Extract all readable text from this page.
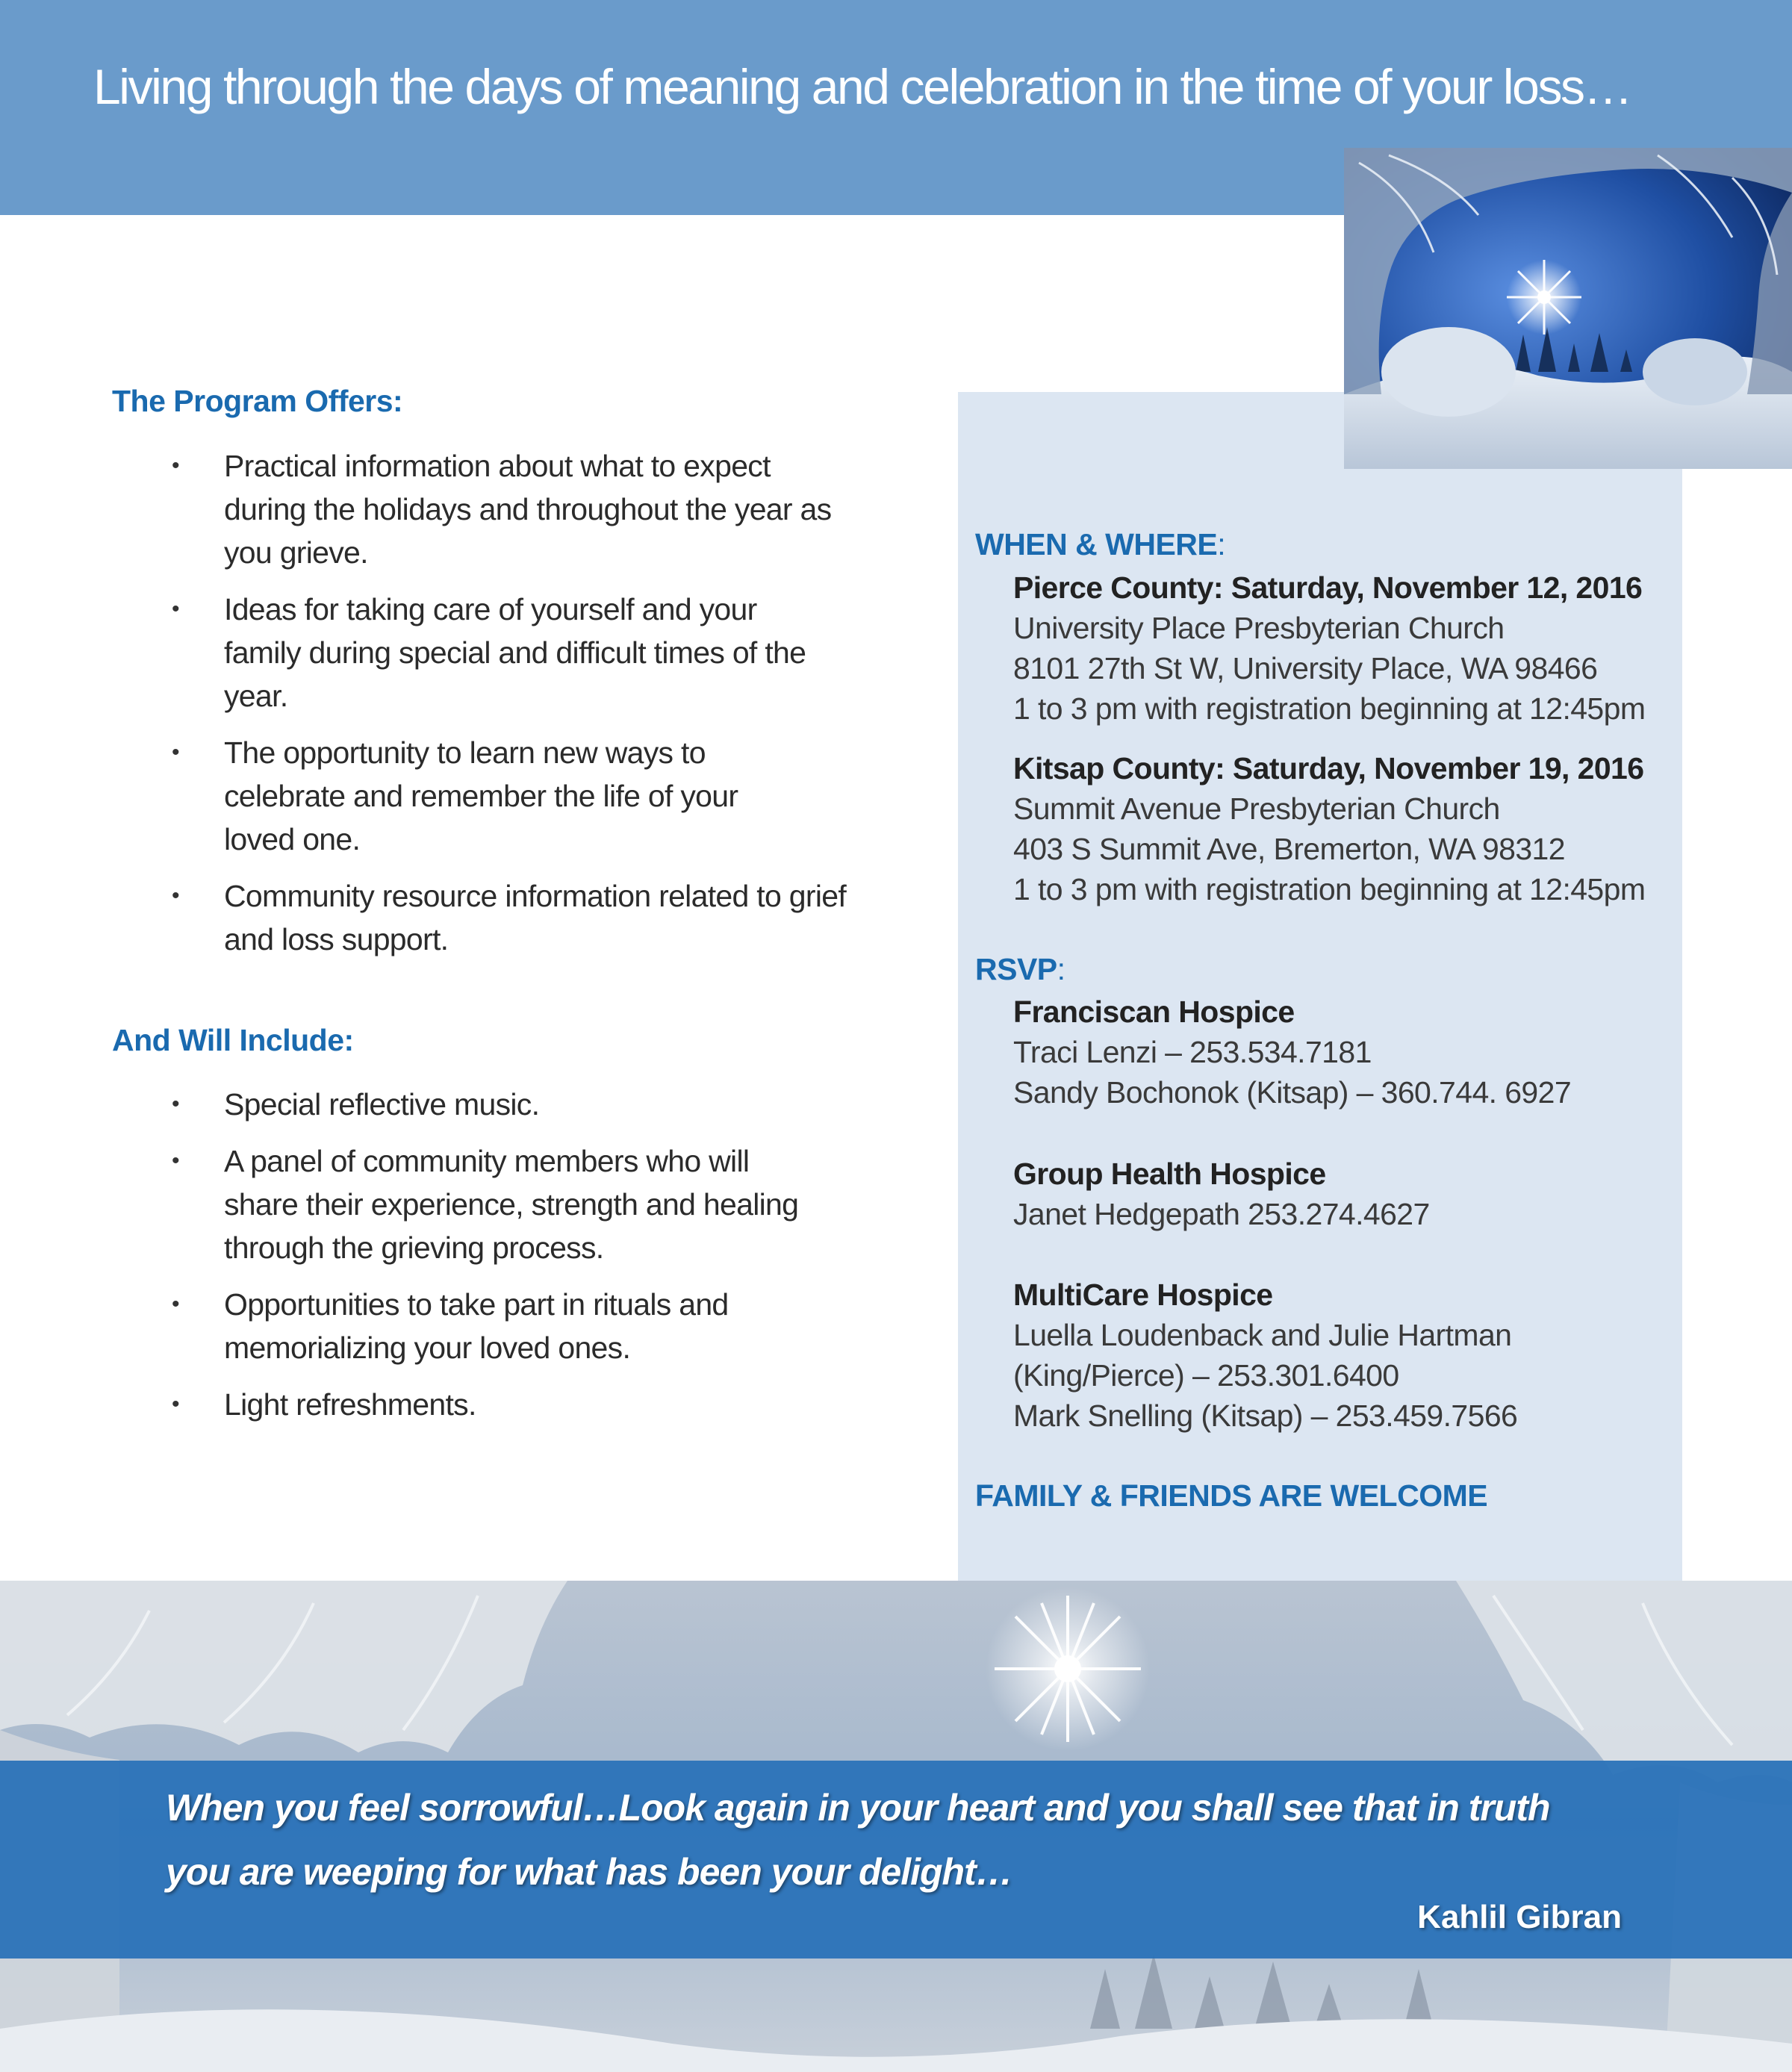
Living through the days of meaning and celebration in the time of your loss…
The Program Offers:
• Practical information about what to expect during the holidays and throughout the year as you grieve.
• Ideas for taking care of yourself and your family during special and difficult times of the year.
• The opportunity to learn new ways to celebrate and remember the life of your loved one.
• Community resource information related to grief and loss support.
And Will Include:
• Special reflective music.
• A panel of community members who will share their experience, strength and healing through the grieving process.
• Opportunities to take part in rituals and memorializing your loved ones.
• Light refreshments.
WHEN & WHERE:
Pierce County: Saturday, November 12, 2016
University Place Presbyterian Church
8101 27th St W, University Place, WA 98466
1 to 3 pm with registration beginning at 12:45pm
Kitsap County: Saturday, November 19, 2016
Summit Avenue Presbyterian Church
403 S Summit Ave, Bremerton, WA 98312
1 to 3 pm with registration beginning at 12:45pm
RSVP:
Franciscan Hospice
Traci Lenzi – 253.534.7181
Sandy Bochonok (Kitsap) – 360.744. 6927
Group Health Hospice
Janet Hedgepath 253.274.4627
MultiCare Hospice
Luella Loudenback and Julie Hartman
(King/Pierce) – 253.301.6400
Mark Snelling (Kitsap) – 253.459.7566
FAMILY & FRIENDS ARE WELCOME
When you feel sorrowful…Look again in your heart and you shall see that in truth
you are weeping for what has been your delight…
Kahlil Gibran
